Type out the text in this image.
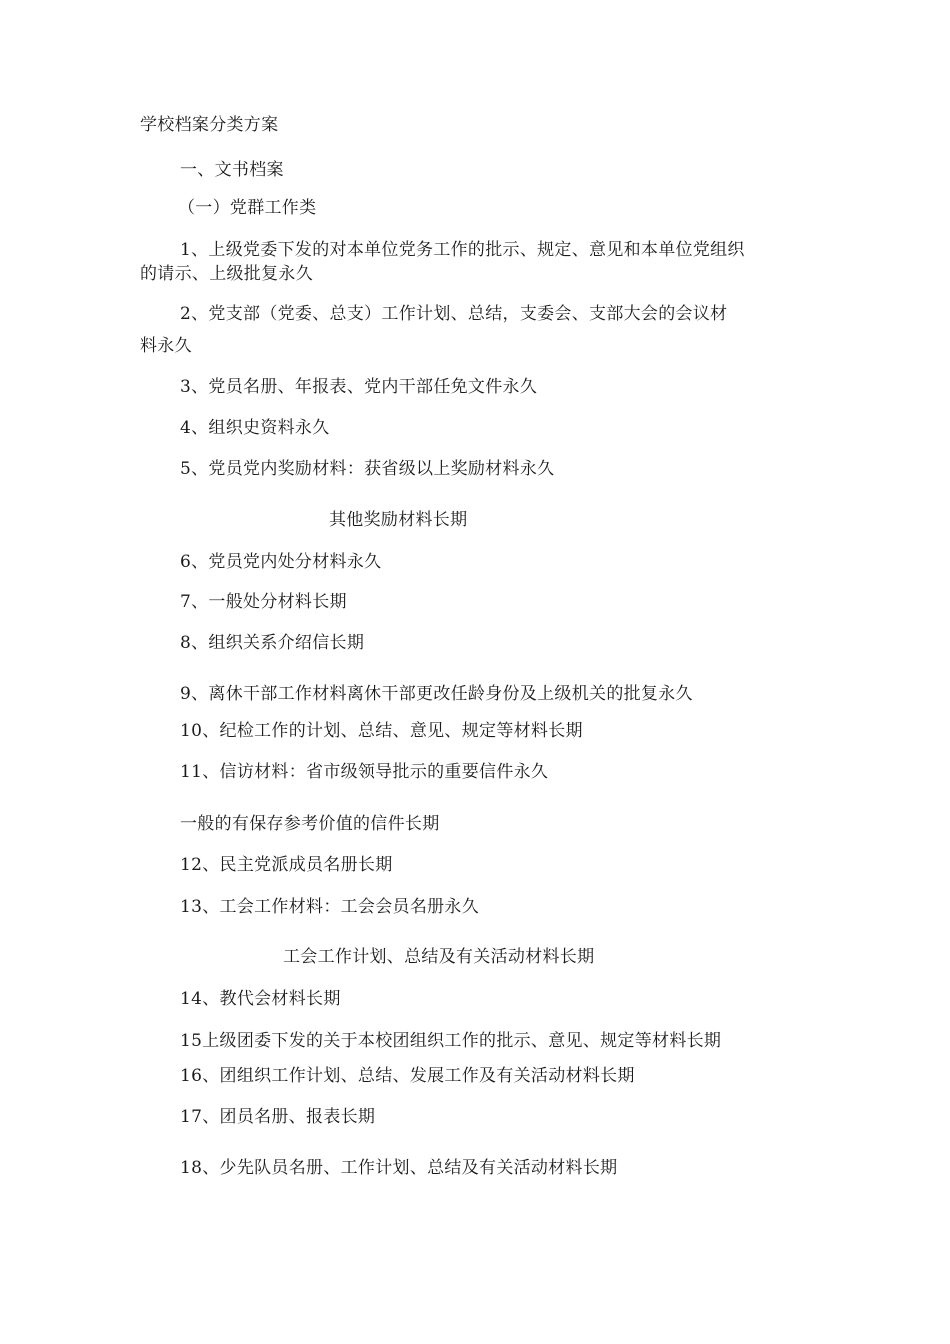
学校档案分类方案
一、文书档案
（一）党群工作类
1、上级党委下发的对本单位党务工作的批示、规定、意见和本单位党组织
的请示、上级批复永久
2、党支部（党委、总支）工作计划、总结，支委会、支部大会的会议材
料永久
3、党员名册、年报表、党内干部任免文件永久
4、组织史资料永久
5、党员党内奖励材料：获省级以上奖励材料永久
其他奖励材料长期
6、党员党内处分材料永久
7、一般处分材料长期
8、组织关系介绍信长期
9、离休干部工作材料离休干部更改任龄身份及上级机关的批复永久
10、纪检工作的计划、总结、意见、规定等材料长期
11、信访材料：省市级领导批示的重要信件永久
一般的有保存参考价值的信件长期
12、民主党派成员名册长期
13、工会工作材料：工会会员名册永久
工会工作计划、总结及有关活动材料长期
14、教代会材料长期
15上级团委下发的关于本校团组织工作的批示、意见、规定等材料长期
16、团组织工作计划、总结、发展工作及有关活动材料长期
17、团员名册、报表长期
18、少先队员名册、工作计划、总结及有关活动材料长期
